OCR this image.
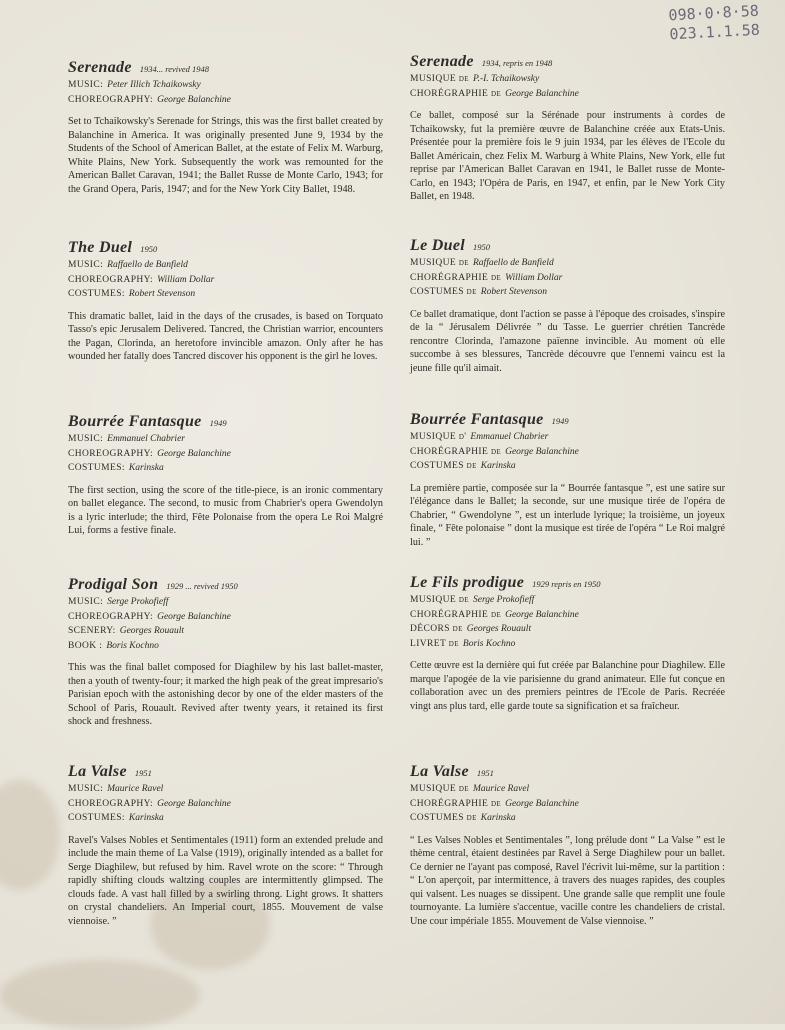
098·0·8·58
023.1.1.58

Serenade 1934... revived 1948

MUSIC: Peter Illich Tchaikowsky

CHOREOGRAPHY: George Balanchine

Set to Tchaikowsky's Serenade for Strings, this was the first ballet created by Balanchine in America. It was originally presented June 9, 1934 by the Students of the School of American Ballet, at the estate of Felix M. Warburg, White Plains, New York. Subsequently the work was remounted for the American Ballet Caravan, 1941; the Ballet Russe de Monte Carlo, 1943; for the Grand Opera, Paris, 1947; and for the New York City Ballet, 1948.

The Duel 1950

MUSIC: Raffaello de Banfield

CHOREOGRAPHY: William Dollar

COSTUMES: Robert Stevenson

This dramatic ballet, laid in the days of the crusades, is based on Torquato Tasso's epic Jerusalem Delivered. Tancred, the Christian warrior, encounters the Pagan, Clorinda, an heretofore invincible amazon. Only after he has wounded her fatally does Tancred discover his opponent is the girl he loves.

Bourrée Fantasque 1949

MUSIC: Emmanuel Chabrier

CHOREOGRAPHY: George Balanchine

COSTUMES: Karinska

The first section, using the score of the title-piece, is an ironic commentary on ballet elegance. The second, to music from Chabrier's opera Gwendolyn is a lyric interlude; the third, Fête Polonaise from the opera Le Roi Malgré Lui, forms a festive finale.

Prodigal Son 1929 ... revived 1950

MUSIC: Serge Prokofieff

CHOREOGRAPHY: George Balanchine

SCENERY: Georges Rouault

BOOK : Boris Kochno

This was the final ballet composed for Diaghilew by his last ballet-master, then a youth of twenty-four; it marked the high peak of the great impresario's Parisian epoch with the astonishing decor by one of the elder masters of the School of Paris, Rouault. Revived after twenty years, it retained its first shock and freshness.

La Valse 1951

MUSIC: Maurice Ravel

CHOREOGRAPHY: George Balanchine

COSTUMES: Karinska

Ravel's Valses Nobles et Sentimentales (1911) form an extended prelude and include the main theme of La Valse (1919), originally intended as a ballet for Serge Diaghilew, but refused by him. Ravel wrote on the score: “ Through rapidly shifting clouds waltzing couples are intermittently glimpsed. The clouds fade. A vast hall filled by a swirling throng. Light grows. It shatters on crystal chandeliers. An Imperial court, 1855. Mouvement de valse viennoise. ”

Serenade 1934, repris en 1948

MUSIQUE de P.-I. Tchaikowsky

CHORÉGRAPHIE de George Balanchine

Ce ballet, composé sur la Sérénade pour instruments à cordes de Tchaikowsky, fut la première œuvre de Balanchine créée aux Etats-Unis. Présentée pour la première fois le 9 juin 1934, par les élèves de l'Ecole du Ballet Américain, chez Felix M. Warburg à White Plains, New York, elle fut reprise par l'American Ballet Caravan en 1941, le Ballet russe de Monte-Carlo, en 1943; l'Opéra de Paris, en 1947, et enfin, par le New York City Ballet, en 1948.

Le Duel 1950

MUSIQUE de Raffaello de Banfield

CHORÉGRAPHIE de William Dollar

COSTUMES de Robert Stevenson

Ce ballet dramatique, dont l'action se passe à l'époque des croisades, s'inspire de la “ Jérusalem Délivrée ” du Tasse. Le guerrier chrétien Tancrède rencontre Clorinda, l'amazone païenne invincible. Au moment où elle succombe à ses blessures, Tancrède découvre que l'ennemi vaincu est la jeune fille qu'il aimait.

Bourrée Fantasque 1949

MUSIQUE d' Emmanuel Chabrier

CHORÉGRAPHIE de George Balanchine

COSTUMES de Karinska

La première partie, composée sur la “ Bourrée fantasque ”, est une satire sur l'élégance dans le Ballet; la seconde, sur une musique tirée de l'opéra de Chabrier, “ Gwendolyne ”, est un interlude lyrique; la troisième, un joyeux finale, “ Fête polonaise ” dont la musique est tirée de l'opéra “ Le Roi malgré lui. ”

Le Fils prodigue 1929 repris en 1950

MUSIQUE de Serge Prokofieff

CHORÉGRAPHIE de George Balanchine

DÉCORS de Georges Rouault

LIVRET de Boris Kochno

Cette œuvre est la dernière qui fut créée par Balanchine pour Diaghilew. Elle marque l'apogée de la vie parisienne du grand animateur. Elle fut conçue en collaboration avec un des premiers peintres de l'Ecole de Paris. Recréée vingt ans plus tard, elle garde toute sa signification et sa fraîcheur.

La Valse 1951

MUSIQUE de Maurice Ravel

CHORÉGRAPHIE de George Balanchine

COSTUMES de Karinska

“ Les Valses Nobles et Sentimentales ”, long prélude dont “ La Valse ” est le thème central, étaient destinées par Ravel à Serge Diaghilew pour un ballet. Ce dernier ne l'ayant pas composé, Ravel l'écrivit lui-même, sur la partition : “ L'on aperçoit, par intermittence, à travers des nuages rapides, des couples qui valsent. Les nuages se dissipent. Une grande salle que remplit une foule tournoyante. La lumière s'accentue, vacille contre les chandeliers de cristal. Une cour impériale 1855. Mouvement de Valse viennoise. ”
